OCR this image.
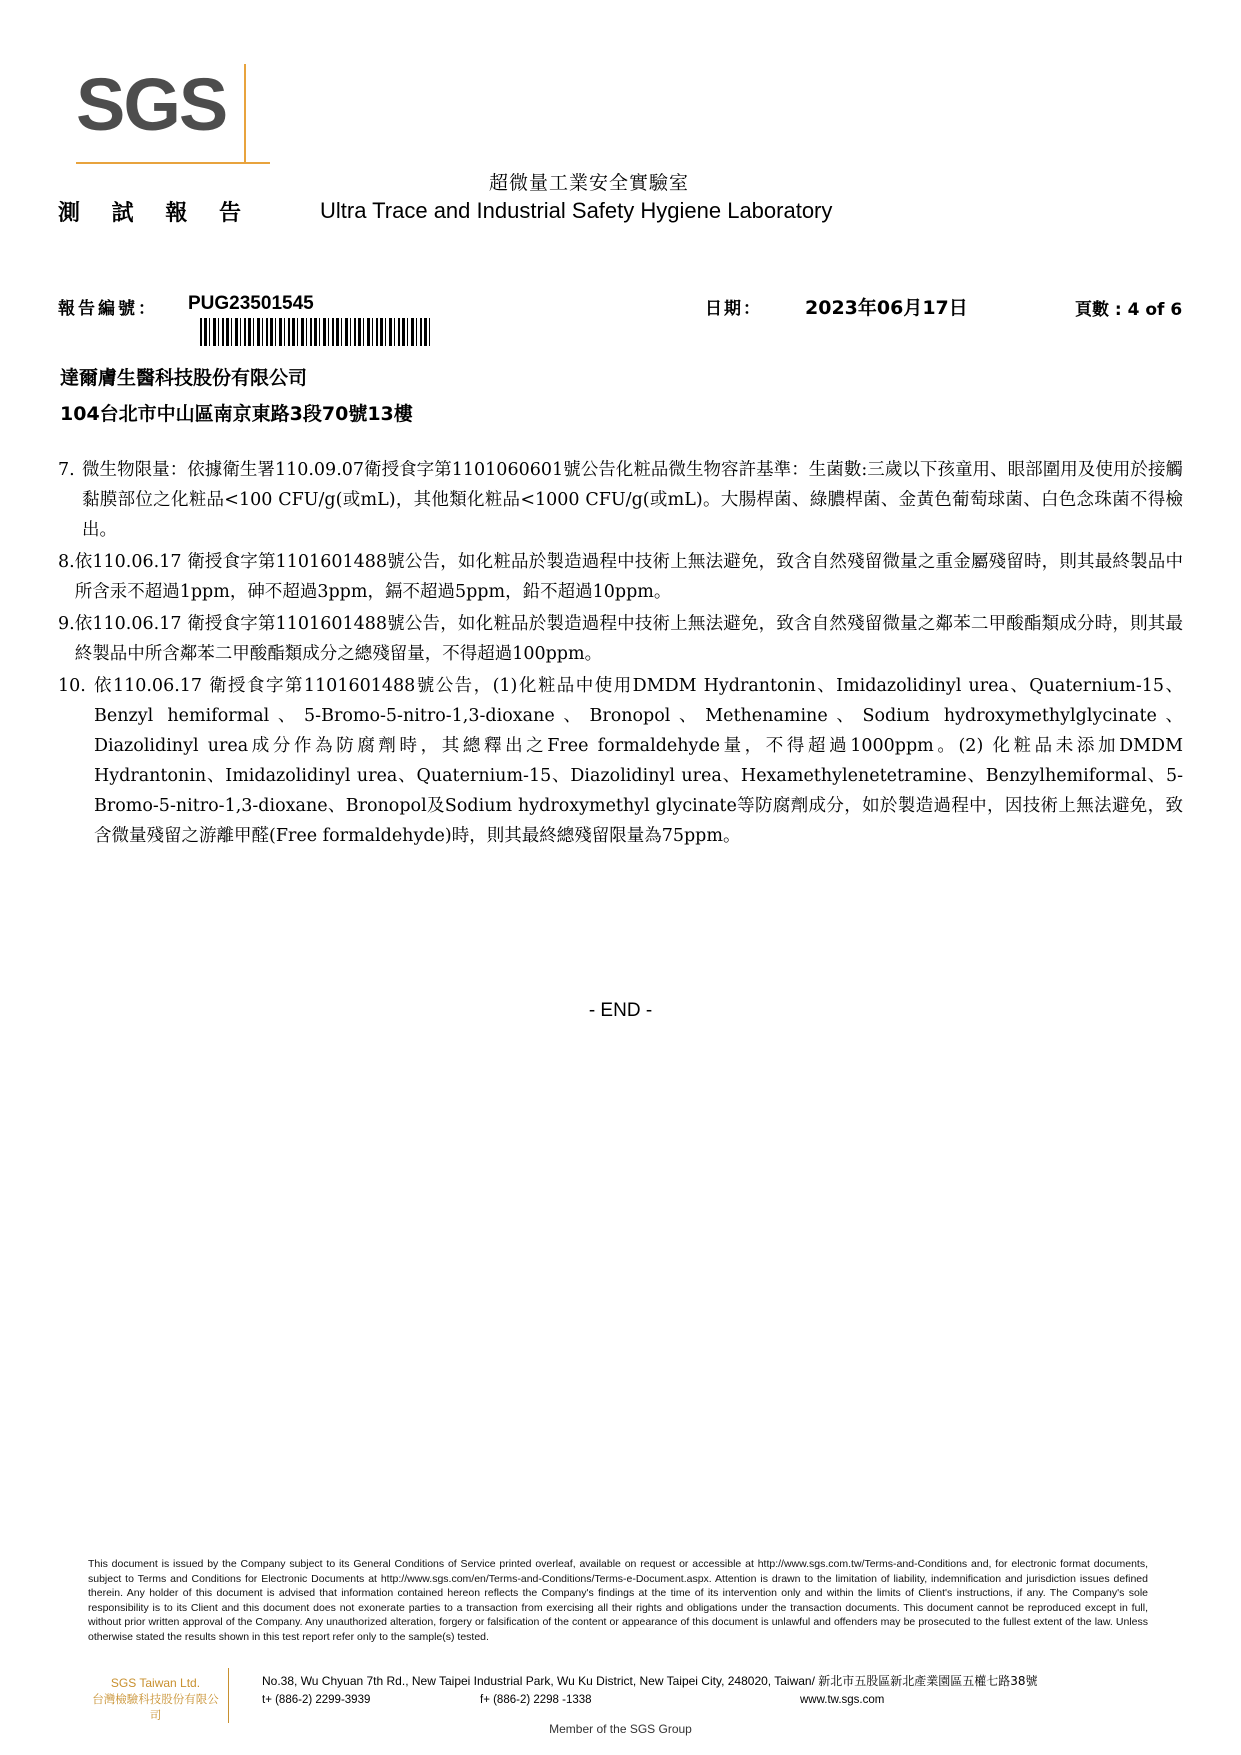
SGS
測 試 報 告
超微量工業安全實驗室
Ultra Trace and Industrial Safety Hygiene Laboratory
報告編號： PUG23501545	日期： 2023年06月17日	頁數 : 4 of 6
達爾膚生醫科技股份有限公司
104台北市中山區南京東路3段70號13樓
7. 微生物限量：依據衛生署110.09.07衛授食字第1101060601號公告化粧品微生物容許基準：生菌數:三歲以下孩童用、眼部圍用及使用於接觸黏膜部位之化粧品<100 CFU/g(或mL)，其他類化粧品<1000 CFU/g(或mL)。大腸桿菌、綠膿桿菌、金黃色葡萄球菌、白色念珠菌不得檢出。
8. 依110.06.17 衛授食字第1101601488號公告，如化粧品於製造過程中技術上無法避免，致含自然殘留微量之重金屬殘留時，則其最終製品中所含汞不超過1ppm，砷不超過3ppm，鎘不超過5ppm，鉛不超過10ppm。
9. 依110.06.17 衛授食字第1101601488號公告，如化粧品於製造過程中技術上無法避免，致含自然殘留微量之鄰苯二甲酸酯類成分時，則其最終製品中所含鄰苯二甲酸酯類成分之總殘留量，不得超過100ppm。
10. 依110.06.17 衛授食字第1101601488號公告，(1)化粧品中使用DMDM Hydrantonin、Imidazolidinyl urea、Quaternium-15、Benzyl hemiformal、5-Bromo-5-nitro-1,3-dioxane、Bronopol、Methenamine、Sodium hydroxymethylglycinate、Diazolidinyl urea成分作為防腐劑時，其總釋出之Free formaldehyde量，不得超過1000ppm。(2) 化粧品未添加DMDM Hydrantonin、Imidazolidinyl urea、Quaternium-15、Diazolidinyl urea、Hexamethylenetetramine、Benzylhemiformal、5-Bromo-5-nitro-1,3-dioxane、Bronopol及Sodium hydroxymethyl glycinate等防腐劑成分，如於製造過程中，因技術上無法避免，致含微量殘留之游離甲醛(Free formaldehyde)時，則其最終總殘留限量為75ppm。
- END -
This document is issued by the Company subject to its General Conditions of Service printed overleaf, available on request or accessible at http://www.sgs.com.tw/Terms-and-Conditions and, for electronic format documents, subject to Terms and Conditions for Electronic Documents at http://www.sgs.com/en/Terms-and-Conditions/Terms-e-Document.aspx. Attention is drawn to the limitation of liability, indemnification and jurisdiction issues defined therein. Any holder of this document is advised that information contained hereon reflects the Company's findings at the time of its intervention only and within the limits of Client's instructions, if any. The Company's sole responsibility is to its Client and this document does not exonerate parties to a transaction from exercising all their rights and obligations under the transaction documents. This document cannot be reproduced except in full, without prior written approval of the Company. Any unauthorized alteration, forgery or falsification of the content or appearance of this document is unlawful and offenders may be prosecuted to the fullest extent of the law. Unless otherwise stated the results shown in this test report refer only to the sample(s) tested.
SGS Taiwan Ltd.
台灣檢驗科技股份有限公司
No.38, Wu Chyuan 7th Rd., New Taipei Industrial Park, Wu Ku District, New Taipei City, 248020, Taiwan/ 新北市五股區新北產業園區五權七路38號
t+ (886-2) 2299-3939	f+ (886-2) 2298 -1338	www.tw.sgs.com
Member of the SGS Group
